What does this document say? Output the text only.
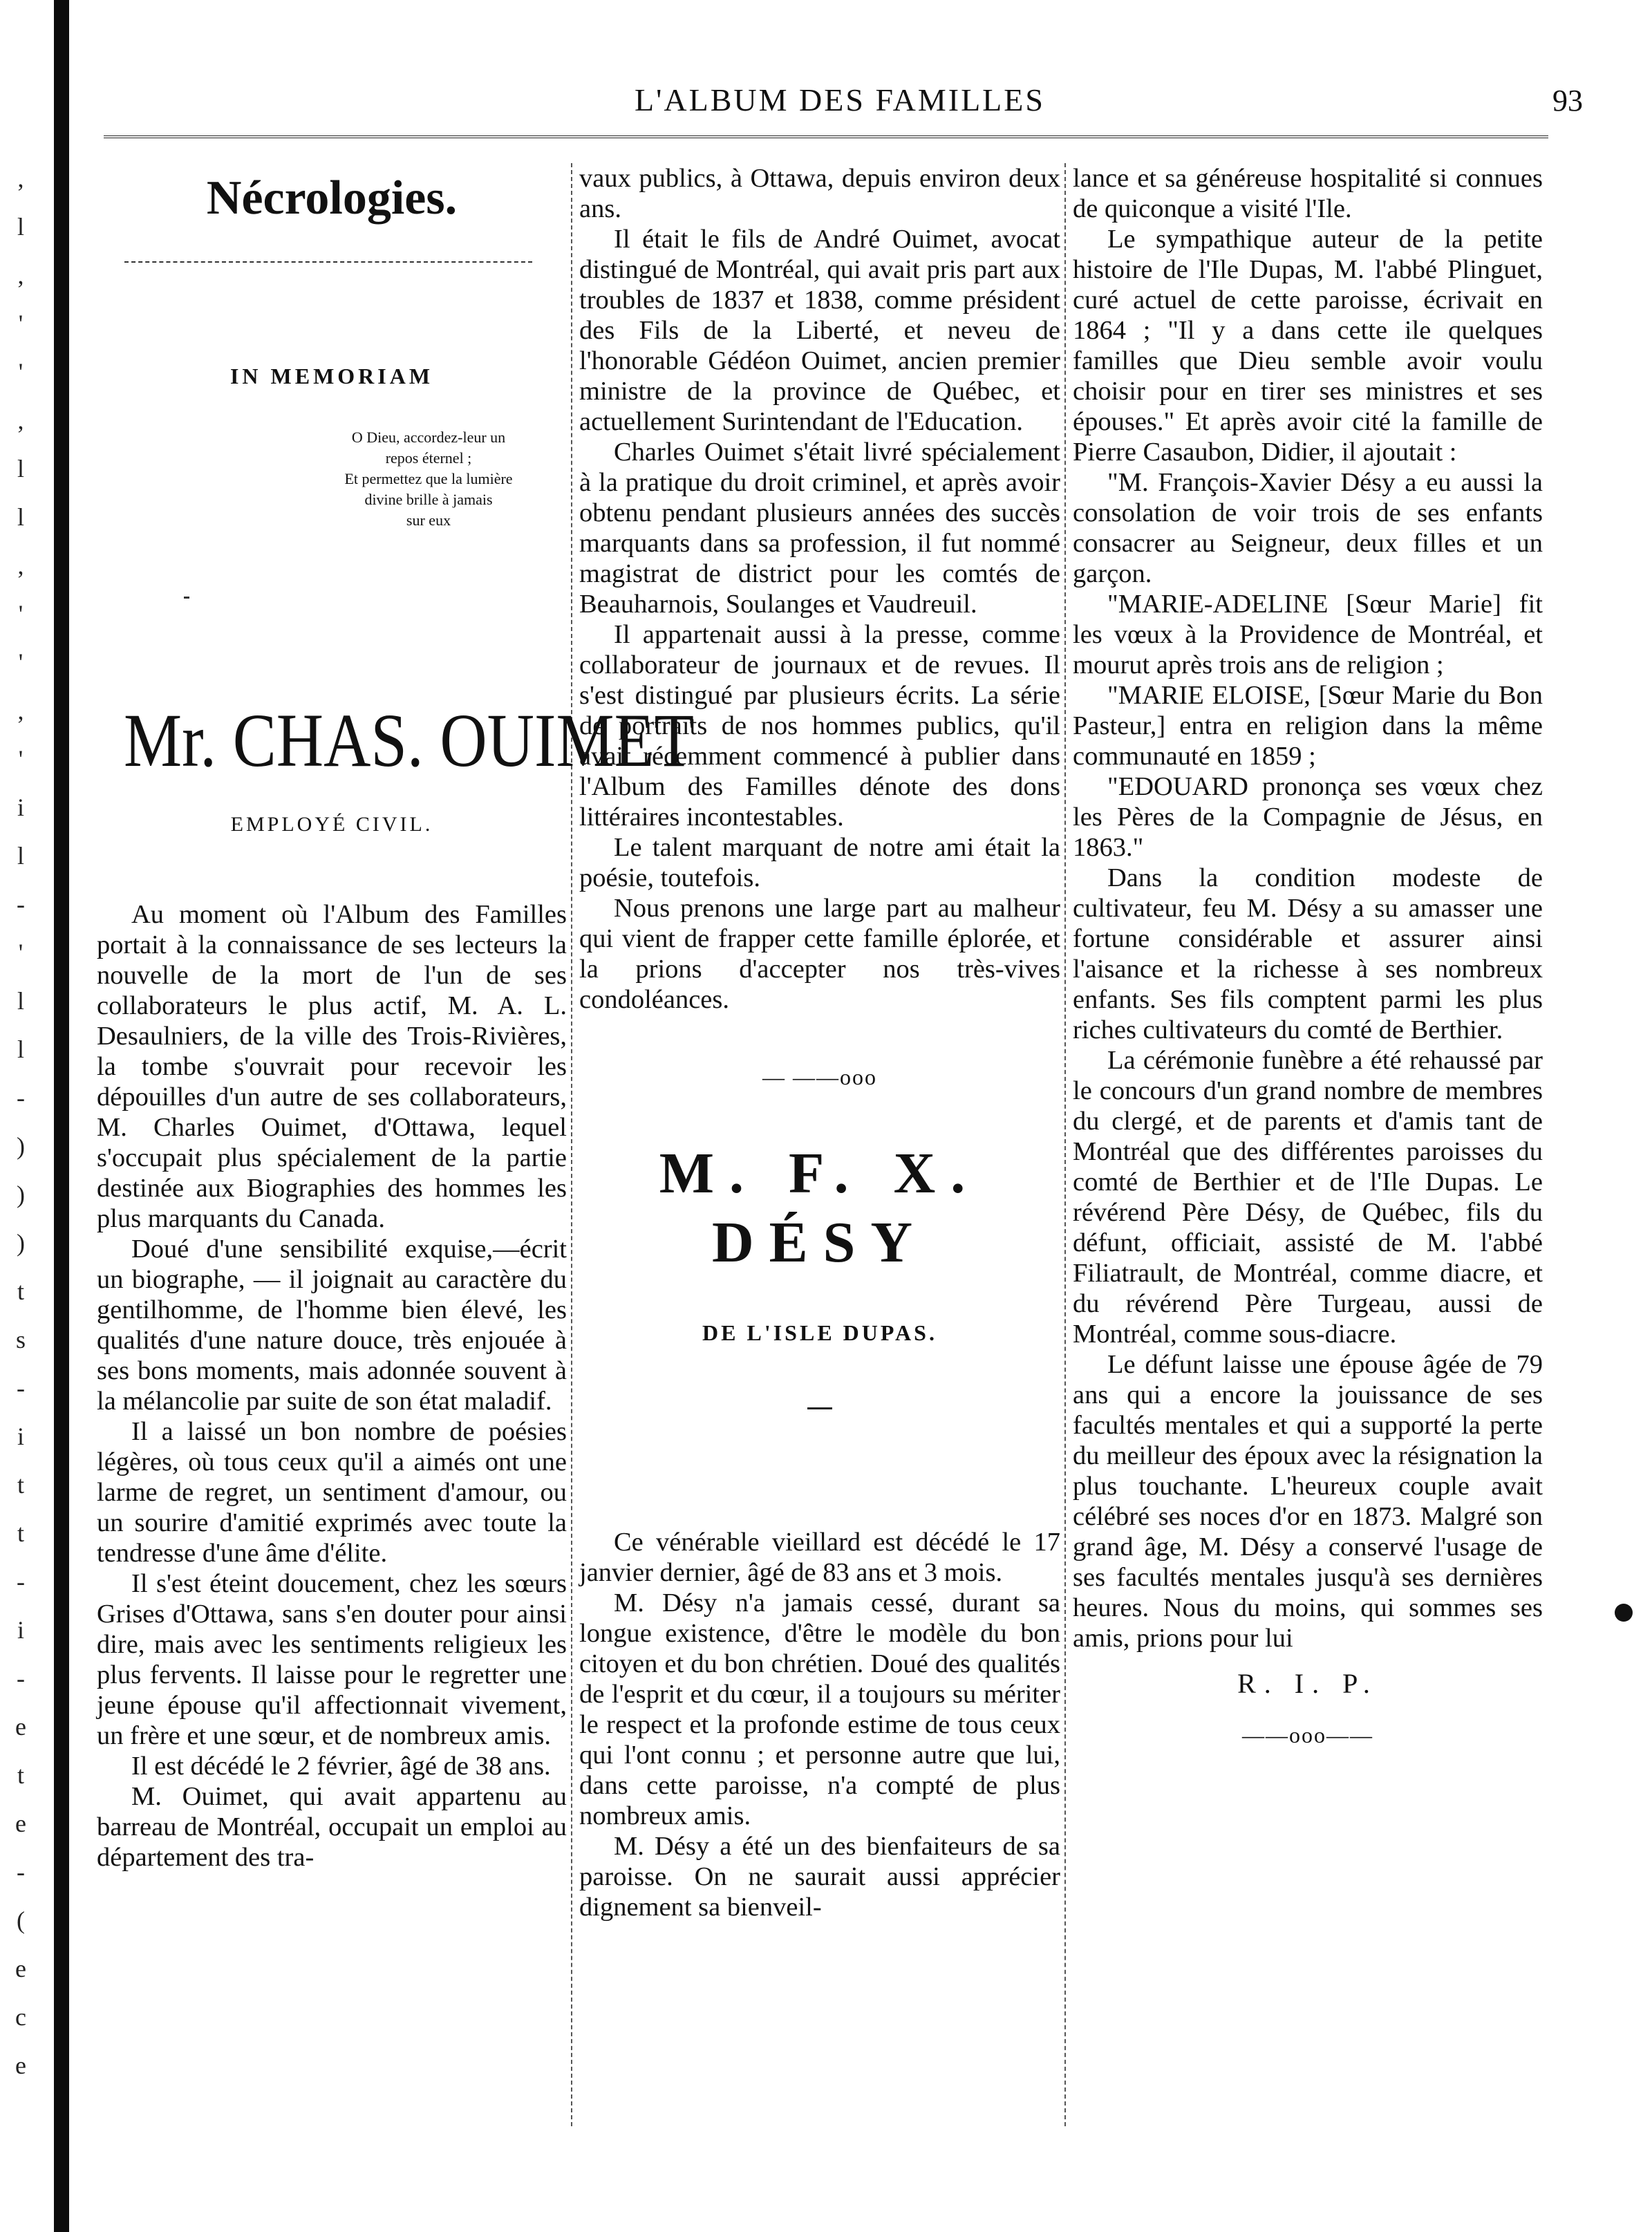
,
l
,
'
'
,
l
l
,
'
'
,
'
i
l
-
'
l
l
-
)
)
)
t
s
-
i
t
t
-
i
-
e
t
e
-
(
e
c
e
L'ALBUM DES FAMILLES	93
Nécrologies.
IN MEMORIAM
O Dieu, accordez-leur un
repos éternel ;
Et permettez que la lumière
divine brille à jamais
sur eux
Mr. CHAS. OUIMET
EMPLOYÉ CIVIL.

Au moment où l'Album des Familles portait à la connaissance de ses lecteurs la nouvelle de la mort de l'un de ses collaborateurs le plus actif, M. A. L. Desaulniers, de la ville des Trois-Rivières, la tombe s'ouvrait pour recevoir les dépouilles d'un autre de ses collaborateurs, M. Charles Ouimet, d'Ottawa, lequel s'occupait plus spécialement de la partie destinée aux Biographies des hommes les plus marquants du Canada.

Doué d'une sensibilité exquise,—écrit un biographe, — il joignait au caractère du gentilhomme, de l'homme bien élevé, les qualités d'une nature douce, très enjouée à ses bons moments, mais adonnée souvent à la mélancolie par suite de son état maladif.

Il a laissé un bon nombre de poésies légères, où tous ceux qu'il a aimés ont une larme de regret, un sentiment d'amour, ou un sourire d'amitié exprimés avec toute la tendresse d'une âme d'élite.

Il s'est éteint doucement, chez les sœurs Grises d'Ottawa, sans s'en douter pour ainsi dire, mais avec les sentiments religieux les plus fervents. Il laisse pour le regretter une jeune épouse qu'il affectionnait vivement, un frère et une sœur, et de nombreux amis.

Il est décédé le 2 février, âgé de 38 ans.

M. Ouimet, qui avait appartenu au barreau de Montréal, occupait un emploi au département des tra-

vaux publics, à Ottawa, depuis environ deux ans.

Il était le fils de André Ouimet, avocat distingué de Montréal, qui avait pris part aux troubles de 1837 et 1838, comme président des Fils de la Liberté, et neveu de l'honorable Gédéon Ouimet, ancien premier ministre de la province de Québec, et actuellement Surintendant de l'Education.

Charles Ouimet s'était livré spécialement à la pratique du droit criminel, et après avoir obtenu pendant plusieurs années des succès marquants dans sa profession, il fut nommé magistrat de district pour les comtés de Beauharnois, Soulanges et Vaudreuil.

Il appartenait aussi à la presse, comme collaborateur de journaux et de revues. Il s'est distingué par plusieurs écrits. La série de portraits de nos hommes publics, qu'il avait récemment commencé à publier dans l'Album des Familles dénote des dons littéraires incontestables.

Le talent marquant de notre ami était la poésie, toutefois.

Nous prenons une large part au malheur qui vient de frapper cette famille éplorée, et la prions d'accepter nos très-vives condoléances.

— ——ooo
M. F. X. DÉSY
DE L'ISLE DUPAS.

Ce vénérable vieillard est décédé le 17 janvier dernier, âgé de 83 ans et 3 mois.

M. Désy n'a jamais cessé, durant sa longue existence, d'être le modèle du bon citoyen et du bon chrétien. Doué des qualités de l'esprit et du cœur, il a toujours su mériter le respect et la profonde estime de tous ceux qui l'ont connu ; et personne autre que lui, dans cette paroisse, n'a compté de plus nombreux amis.

M. Désy a été un des bienfaiteurs de sa paroisse. On ne saurait aussi apprécier dignement sa bienveil-

lance et sa généreuse hospitalité si connues de quiconque a visité l'Ile.

Le sympathique auteur de la petite histoire de l'Ile Dupas, M. l'abbé Plinguet, curé actuel de cette paroisse, écrivait en 1864 ; "Il y a dans cette ile quelques familles que Dieu semble avoir voulu choisir pour en tirer ses ministres et ses épouses." Et après avoir cité la famille de Pierre Casaubon, Didier, il ajoutait :

"M. François-Xavier Désy a eu aussi la consolation de voir trois de ses enfants consacrer au Seigneur, deux filles et un garçon.

"MARIE-ADELINE [Sœur Marie] fit les vœux à la Providence de Montréal, et mourut après trois ans de religion ;

"MARIE ELOISE, [Sœur Marie du Bon Pasteur,] entra en religion dans la même communauté en 1859 ;

"EDOUARD prononça ses vœux chez les Pères de la Compagnie de Jésus, en 1863."

Dans la condition modeste de cultivateur, feu M. Désy a su amasser une fortune considérable et assurer ainsi l'aisance et la richesse à ses nombreux enfants. Ses fils comptent parmi les plus riches cultivateurs du comté de Berthier.

La cérémonie funèbre a été rehaussé par le concours d'un grand nombre de membres du clergé, et de parents et d'amis tant de Montréal que des différentes paroisses du comté de Berthier et de l'Ile Dupas. Le révérend Père Désy, de Québec, fils du défunt, officiait, assisté de M. l'abbé Filiatrault, de Montréal, comme diacre, et du révérend Père Turgeau, aussi de Montréal, comme sous-diacre.

Le défunt laisse une épouse âgée de 79 ans qui a encore la jouissance de ses facultés mentales et qui a supporté la perte du meilleur des époux avec la résignation la plus touchante. L'heureux couple avait célébré ses noces d'or en 1873. Malgré son grand âge, M. Désy a conservé l'usage de ses facultés mentales jusqu'à ses dernières heures. Nous du moins, qui sommes ses amis, prions pour lui

R. I. P.
——ooo——
